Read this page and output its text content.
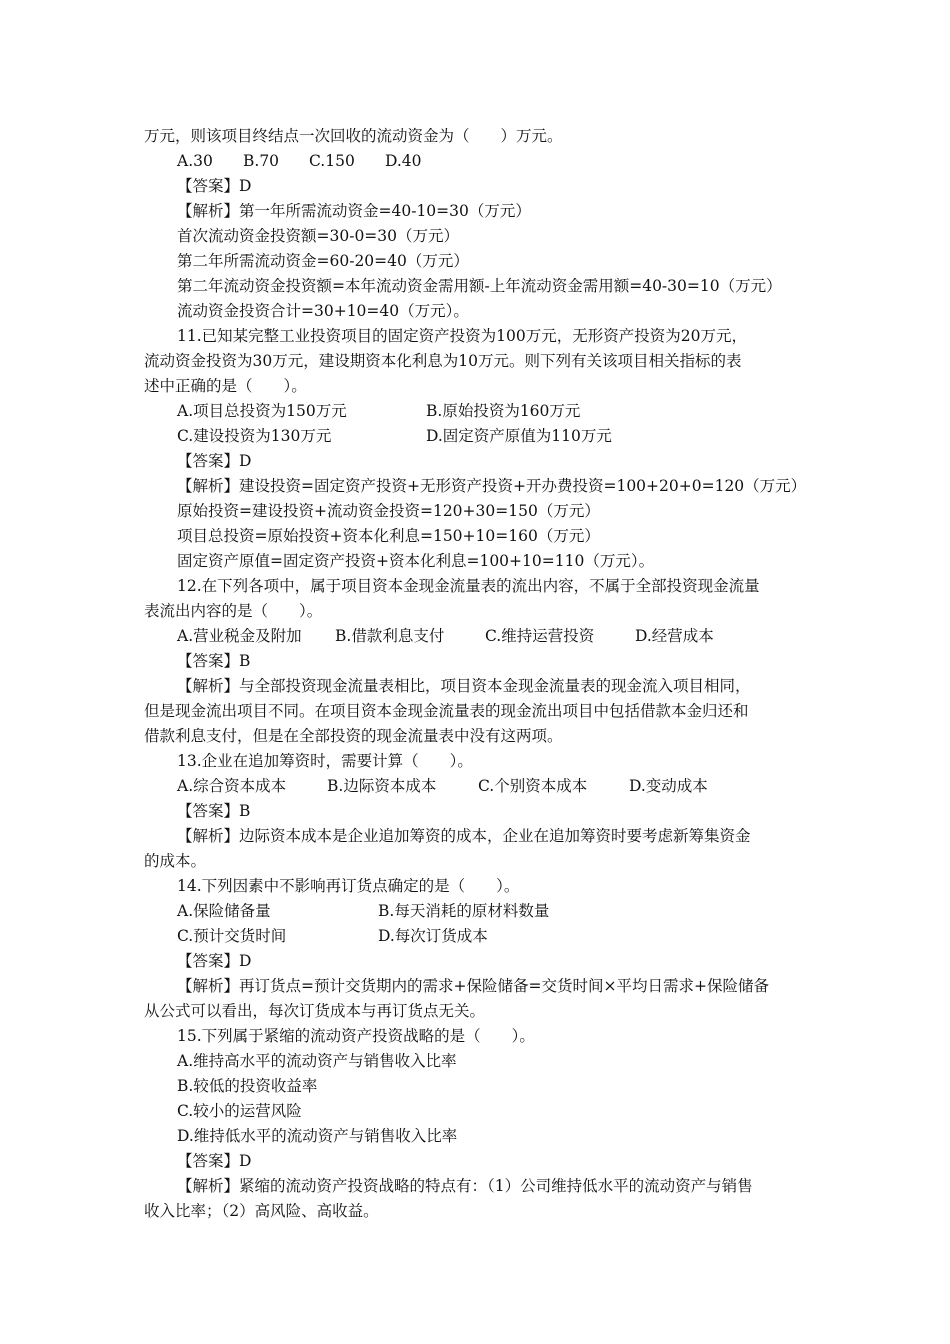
万元，则该项目终结点一次回收的流动资金为（　　）万元。
A.30	B.70	C.150	D.40
【答案】D
【解析】第一年所需流动资金=40-10=30（万元）
首次流动资金投资额=30-0=30（万元）
第二年所需流动资金=60-20=40（万元）
第二年流动资金投资额=本年流动资金需用额-上年流动资金需用额=40-30=10（万元）
流动资金投资合计=30+10=40（万元）。
11.已知某完整工业投资项目的固定资产投资为100万元，无形资产投资为20万元，
流动资金投资为30万元，建设期资本化利息为10万元。则下列有关该项目相关指标的表
述中正确的是（　　）。
A.项目总投资为150万元	B.原始投资为160万元
C.建设投资为130万元	D.固定资产原值为110万元
【答案】D
【解析】建设投资=固定资产投资+无形资产投资+开办费投资=100+20+0=120（万元）
原始投资=建设投资+流动资金投资=120+30=150（万元）
项目总投资=原始投资+资本化利息=150+10=160（万元）
固定资产原值=固定资产投资+资本化利息=100+10=110（万元）。
12.在下列各项中，属于项目资本金现金流量表的流出内容，不属于全部投资现金流量
表流出内容的是（　　）。
A.营业税金及附加	B.借款利息支付	C.维持运营投资	D.经营成本
【答案】B
【解析】与全部投资现金流量表相比，项目资本金现金流量表的现金流入项目相同，
但是现金流出项目不同。在项目资本金现金流量表的现金流出项目中包括借款本金归还和
借款利息支付，但是在全部投资的现金流量表中没有这两项。
13.企业在追加筹资时，需要计算（　　）。
A.综合资本成本	B.边际资本成本	C.个别资本成本	D.变动成本
【答案】B
【解析】边际资本成本是企业追加筹资的成本，企业在追加筹资时要考虑新筹集资金
的成本。
14.下列因素中不影响再订货点确定的是（　　）。
A.保险储备量	B.每天消耗的原材料数量
C.预计交货时间	D.每次订货成本
【答案】D
【解析】再订货点=预计交货期内的需求+保险储备=交货时间×平均日需求+保险储备
从公式可以看出，每次订货成本与再订货点无关。
15.下列属于紧缩的流动资产投资战略的是（　　）。
A.维持高水平的流动资产与销售收入比率
B.较低的投资收益率
C.较小的运营风险
D.维持低水平的流动资产与销售收入比率
【答案】D
【解析】紧缩的流动资产投资战略的特点有：（1）公司维持低水平的流动资产与销售
收入比率；（2）高风险、高收益。
